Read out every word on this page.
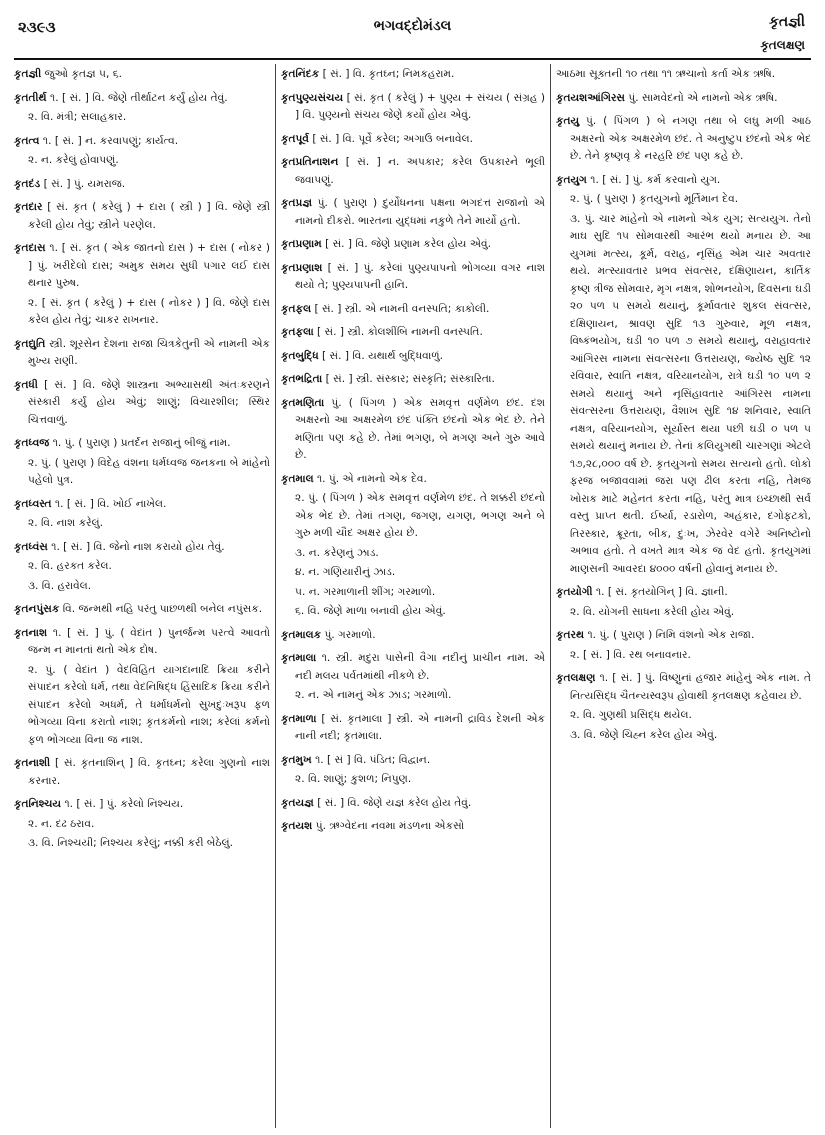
૨૩૯૩	ભગવદ્દોમંડલ	કૃતજ્ઞી
કૃતલક્ષણ

કૃતજ્ઞી જુઓ કૃતજ્ઞ ૫, ૬.

કૃતતીર્થ ૧. [ સં. ] વિ. જેણે તીર્થાટન કર્યું હોય તેવું.

૨. વિ. મંત્રી; સલાહકાર.

કૃતત્વ ૧. [ સં. ] ન. કરવાપણું; કાર્યત્વ.

૨. ન. કરેલું હોવાપણું.

કૃતદંડ [ સં. ] પું. યમરાજ.

કૃતદાર [ સં. કૃત ( કરેલું ) + દારા ( સ્ત્રી ) ] વિ. જેણે સ્ત્રી કરેલી હોય તેવું; સ્ત્રીને પરણેલ.

કૃતદાસ ૧. [ સં. કૃત ( એક જાતનો દાસ ) + દાસ ( નોકર ) ] પું. ખરીદેલો દાસ; અમુક સમય સુધી પગાર લઈ દાસ થનાર પુરુષ.

૨. [ સં. કૃત ( કરેલું ) + દાસ ( નોકર ) ] વિ. જેણે દાસ કરેલ હોય તેવું; ચાકર રાખનાર.

કૃતદ્યુતિ સ્ત્રી. શૂરસેન દેશના રાજા ચિત્રકેતુની એ નામની એક મુખ્ય રાણી.

કૃતધી [ સં. ] વિ. જેણે શાસ્ત્રના અભ્યાસથી અંતઃકરણને સંસ્કારી કર્યું હોય એવું; શાણું; વિચારશીલ; સ્થિર ચિત્તવાળું.

કૃતધ્વજ ૧. પું. ( પુરાણ ) પ્રતર્દન રાજાનું બીજું નામ.

૨. પું. ( પુરાણ ) વિદેહ વંશના ધર્મધ્વજ જનકના બે માંહેનો પહેલો પુત્ર.

કૃતધ્વસ્ત ૧. [ સં. ] વિ. ખોઈ નાખેલ.

૨. વિ. નાશ કરેલું.

કૃતધ્વંસ ૧. [ સં. ] વિ. જેનો નાશ કરાયો હોય તેવું.

૨. વિ. હરકત કરેલ.

૩. વિ. હરાવેલ.

કૃતનપુંસક વિ. જન્મથી નહિ પરંતુ પાછળથી બનેલ નપુંસક.

કૃતનાશ ૧. [ સં. ] પું. ( વેદાંત ) પુનર્જન્મ પરત્વે આવતો જન્મ ન માનતાં થતો એક દોષ.

૨. પું. ( વેદાંત ) વેદવિહિત યાગદાનાદિ ક્રિયા કરીને સંપાદન કરેલો ધર્મ, તથા વેદનિષિદ્ધ હિંસાદિક ક્રિયા કરીને સંપાદન કરેલો અધર્મ, તે ધર્માધર્મનો સુખદુઃખરૂપ ફળ ભોગવ્યા વિના કરાતો નાશ; કૃતકર્મનો નાશ; કરેલાં કર્મનો ફળ ભોગવ્યા વિના જ નાશ.

કૃતનાશી [ સં. કૃતનાશિન્ ] વિ. કૃતઘ્ન; કરેલા ગુણનો નાશ કરનાર.

કૃતનિશ્ચય ૧. [ સં. ] પું. કરેલો નિશ્ચય.

૨. ન. દઢ ઠરાવ.

૩. વિ. નિશ્ચયી; નિશ્ચય કરેલું; નક્કી કરી બેઠેલું.

કૃતનિંદક [ સં. ] વિ. કૃતઘ્ન; નિમકહરામ.

કૃતપુણ્યસંચય [ સં. કૃત ( કરેલું ) + પુણ્ય + સંચય ( સંગ્રહ ) ] વિ. પુણ્યનો સંચય જેણે કર્યો હોય એવું.

કૃતપૂર્વ [ સં. ] વિ. પૂર્વે કરેલ; અગાઉ બનાવેલ.

કૃતપ્રતિનાશન [ સં. ] ન. અપકાર; કરેલ ઉપકારને ભૂલી જવાપણું.

કૃતપ્રજ્ઞ પું. ( પુરાણ ) દુર્યોધનના પક્ષના ભગદત્ત રાજાનો એ નામનો દીકરો. ભારતના યુદ્ધમાં નકુળે તેને માર્યો હતો.

કૃતપ્રણામ [ સં. ] વિ. જેણે પ્રણામ કરેલ હોય એવું.

કૃતપ્રણાશ [ સં. ] પું. કરેલાં પુણ્યપાપનો ભોગવ્યા વગર નાશ થયો તે; પુણ્યપાપની હાનિ.

કૃતફલ [ સં. ] સ્ત્રી. એ નામની વનસ્પતિ; કાકોલી.

કૃતફલા [ સં. ] સ્ત્રી. કોલશીંબિ નામની વનસ્પતિ.

કૃતબુદ્ધિ [ સં. ] વિ. યથાર્થ બુદ્ધિવાળું.

કૃતભદ્રિતા [ સં. ] સ્ત્રી. સંસ્કાર; સંસ્કૃતિ; સંસ્કારિતા.

કૃતમણિતા પું. ( પિંગળ ) એક સમવૃત્ત વર્ણમેળ છંદ. દશ અક્ષરનો આ અક્ષરમેળ છંદ પંક્તિ છંદનો એક ભેદ છે. તેને મણિતા પણ કહે છે. તેમાં ભગણ, બે મગણ અને ગુરુ આવે છે.

કૃતમાલ ૧. પું. એ નામનો એક દેવ.

૨. પું. ( પિંગળ ) એક સમવૃત્ત વર્ણમેળ છંદ. તે શક્કરી છંદનો એક ભેદ છે. તેમાં તગણ, જગણ, યગણ, ભગણ અને બે ગુરુ મળી ચૌદ અક્ષર હોય છે.

૩. ન. કરેણનું ઝાડ.

૪. ન. ગણિયારીનું ઝાડ.

૫. ન. ગરમાળાની શીંગ; ગરમાળો.

૬. વિ. જેણે માળા બનાવી હોય એવું.

કૃતમાલક પું. ગરમાળો.

કૃતમાલા ૧. સ્ત્રી. મદુરા પાસેની વૈગા નદીનું પ્રાચીન નામ. એ નદી મલય પર્વતમાંથી નીકળે છે.

૨. ન. એ નામનું એક ઝાડ; ગરમાળો.

કૃતમાળા [ સં. કૃતમાલા ] સ્ત્રી. એ નામની દ્રાવિડ દેશની એક નાની નદી; કૃતમાલા.

કૃતમુખ ૧. [ સં ] વિ. પંડિત; વિદ્વાન.

૨. વિ. શાણું; કુશળ; નિપુણ.

કૃતયજ્ઞ [ સં. ] વિ. જેણે યજ્ઞ કરેલ હોય તેવું.

કૃતયશ પું. ઋગ્વેદના નવમા મંડળના એકસો

આઠમા સૂક્તની ૧૦ તથા ૧૧ ઋચાનો કર્તા એક ઋષિ.

કૃતયશઆંગિરસ પું. સામવેદનો એ નામનો એક ઋષિ.

કૃતયુ પું. ( પિંગળ ) બે નગણ તથા બે લઘુ મળી આઠ અક્ષરનો એક અક્ષરમેળ છંદ. તે અનુષ્ટુપ છંદનો એક ભેદ છે. તેને કૃષ્ણવૃ કે નરહરિ છંદ પણ કહે છે.

કૃતયુગ ૧. [ સં. ] પું. કર્મ કરવાનો યુગ.

૨. પું. ( પુરાણ ) કૃતયુગનો મૂર્તિમાન દેવ.

૩. પું. ચાર માંહેનો એ નામનો એક યુગ; સત્યયુગ. તેનો માઘ સુદિ ૧૫ સોમવારથી આરંભ થયો મનાય છે. આ યુગમાં મત્સ્ય, કૂર્મ, વરાહ, નૃસિંહ એમ ચાર અવતાર થયે. મત્સ્યાવતાર પ્રભવ સંવત્સર, દક્ષિણાયન, કાર્તિક કૃષ્ણ ત્રીજ સોમવાર, મૃગ નક્ષત્ર, શોભનયોગ, દિવસના ઘડી ૨૦ પળ ૫ સમયે થયાનું, કૂર્માવતાર શુકલ સંવત્સર, દક્ષિણાયન, શ્રાવણ સુદિ ૧૩ ગુરુવાર, મૂળ નક્ષત્ર, વિષ્કંભયોગ, ઘડી ૧૦ પળ ૭ સમયે થયાનું, વરાહાવતાર આંગિરસ નામના સંવત્સરના ઉત્તરાયણ, જ્યેષ્ઠ સુદિ ૧૨ રવિવાર, સ્વાતિ નક્ષત્ર, વરિયાનયોગ, રાત્રે ઘડી ૧૦ પળ ૨ સમયે થયાનું અને નૃસિંહાવતાર આંગિરસ નામના સંવત્સરના ઉત્તરાયણ, વૈશાખ સુદિ ૧૪ શનિવાર, સ્વાતિ નક્ષત્ર, વરિયાનયોગ, સૂર્યાસ્ત થયા પછી ઘડી ૦ પળ ૫ સમયે થયાનું મનાય છે. તેનાં કલિયુગથી ચારગણાં એટલે ૧૭,૨૮,૦૦૦ વર્ષ છે. કૃતયુગનો સમય સત્યનો હતો. લોકો ફરજ બજાવવામાં જરા પણ ઢીલ કરતા નહિ, તેમજ ખોરાક માટે મહેનત કરતા નહિ, પરંતુ માત્ર ઇચ્છાથી સર્વ વસ્તુ પ્રાપ્ત થતી. ઈર્ષ્યા, રડારોળ, અહંકાર, દગોફટકો, તિરસ્કાર, ક્રૂરતા, બીક, દુઃખ, ઝેરવેર વગેરે અનિષ્ટોનો અભાવ હતો. તે વખતે માત્ર એક જ વેદ હતો. કૃતયુગમાં માણસની આવરદા ૪૦૦૦ વર્ષની હોવાનું મનાય છે.

કૃતયોગી ૧. [ સં. કૃતયોગિન્ ] વિ. જ્ઞાની.

૨. વિ. યોગની સાધના કરેલી હોય એવું.

કૃતરથ ૧. પું. ( પુરાણ ) નિમિ વંશનો એક રાજા.

૨. [ સં. ] વિ. રથ બનાવનાર.

કૃતલક્ષણ ૧. [ સં. ] પું. વિષ્ણુનાં હજાર માંહેનું એક નામ. તે નિત્યસિદ્ધ ચૈતન્યસ્વરૂપ હોવાથી કૃતલક્ષણ કહેવાય છે.

૨. વિ. ગુણથી પ્રસિદ્ધ થયેલ.

૩. વિ. જેણે ચિહ્ન કરેલ હોય એવું.
